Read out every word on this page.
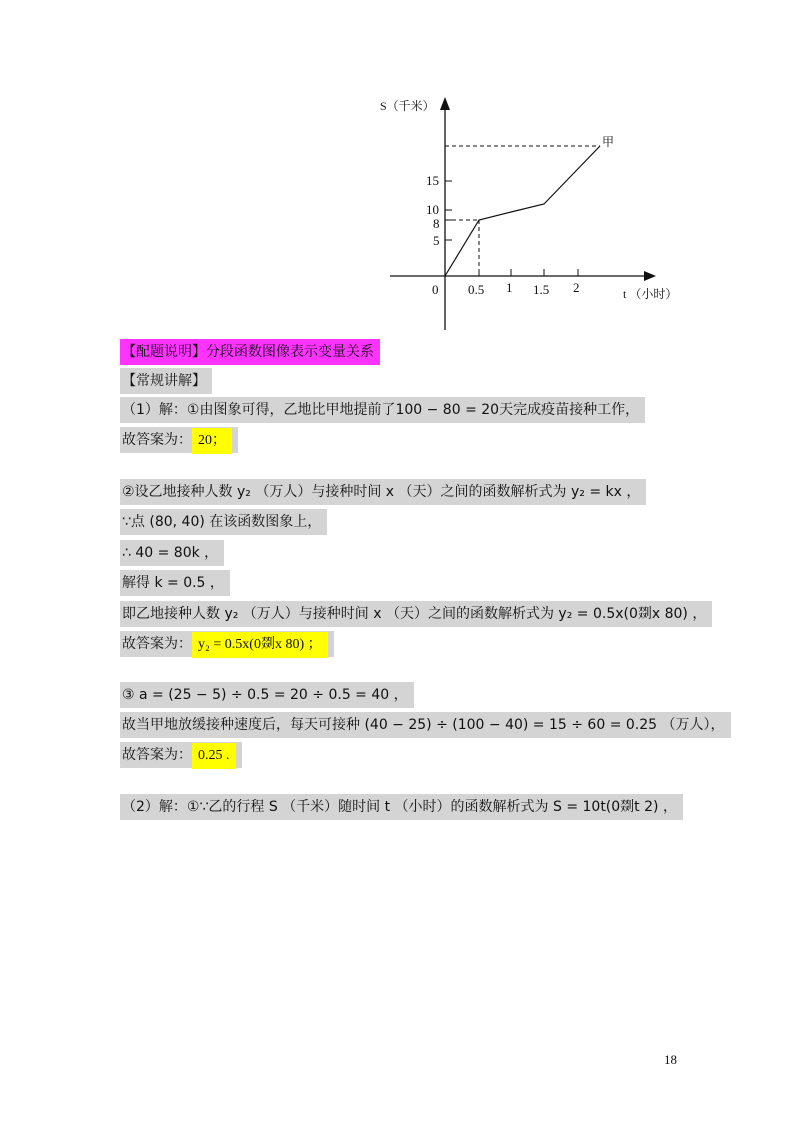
S（千米）
t （小时）
0 0.5 1 1.5 2
5
8
10
15
甲
【配题说明】分段函数图像表示变量关系
【常规讲解】
（1）解：①由图象可得，乙地比甲地提前了100 − 80 = 20天完成疫苗接种工作，
故答案为： 20；
②设乙地接种人数 y₂ （万人）与接种时间 x （天）之间的函数解析式为 y₂ = kx ，
∵点 (80, 40) 在该函数图象上，
∴ 40 = 80k ，
解得 k = 0.5 ，
即乙地接种人数 y₂ （万人）与接种时间 x （天）之间的函数解析式为 y₂ = 0.5x(0剟x 80) ，
故答案为： y₂ = 0.5x(0剟x 80) ；
③ a = (25 − 5) ÷ 0.5 = 20 ÷ 0.5 = 40 ，
故当甲地放缓接种速度后，每天可接种 (40 − 25) ÷ (100 − 40) = 15 ÷ 60 = 0.25 （万人），
故答案为： 0.25 .
（2）解：①∵乙的行程 S （千米）随时间 t （小时）的函数解析式为 S = 10t(0剟t 2) ，
18
